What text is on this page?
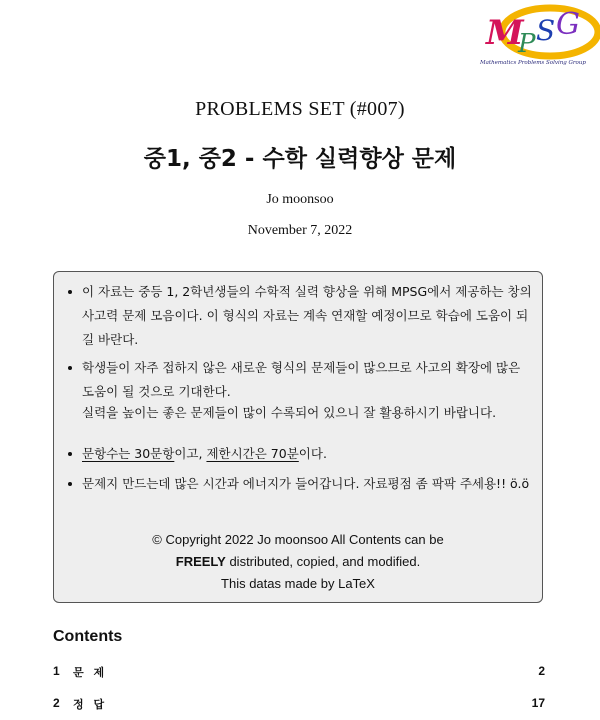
M
P S G
Mathematics Problems Solving Group
PROBLEMS SET (#007)
중1, 중2 - 수학 실력향상 문제
Jo moonsoo
November 7, 2022
이 자료는 중등 1, 2학년생들의 수학적 실력 향상을 위해 MPSG에서 제공하는 창의 사고력 문제 모음이다. 이 형식의 자료는 계속 연재할 예정이므로 학습에 도움이 되길 바란다.
학생들이 자주 접하지 않은 새로운 형식의 문제들이 많으므로 사고의 확장에 많은 도움이 될 것으로 기대한다.
문항수는 30문항이고, 제한시간은 70분이다.
문제지 만드는데 많은 시간과 에너지가 들어갑니다. 자료평점 좀 팍팍 주세용!! ö.ö
실력을 높이는 좋은 문제들이 많이 수록되어 있으니 잘 활용하시기 바랍니다.
© Copyright 2022 Jo moonsoo All Contents can be
FREELY distributed, copied, and modified.
This datas made by LaTeX
Contents
1 문 제	2
2 정 답	17
